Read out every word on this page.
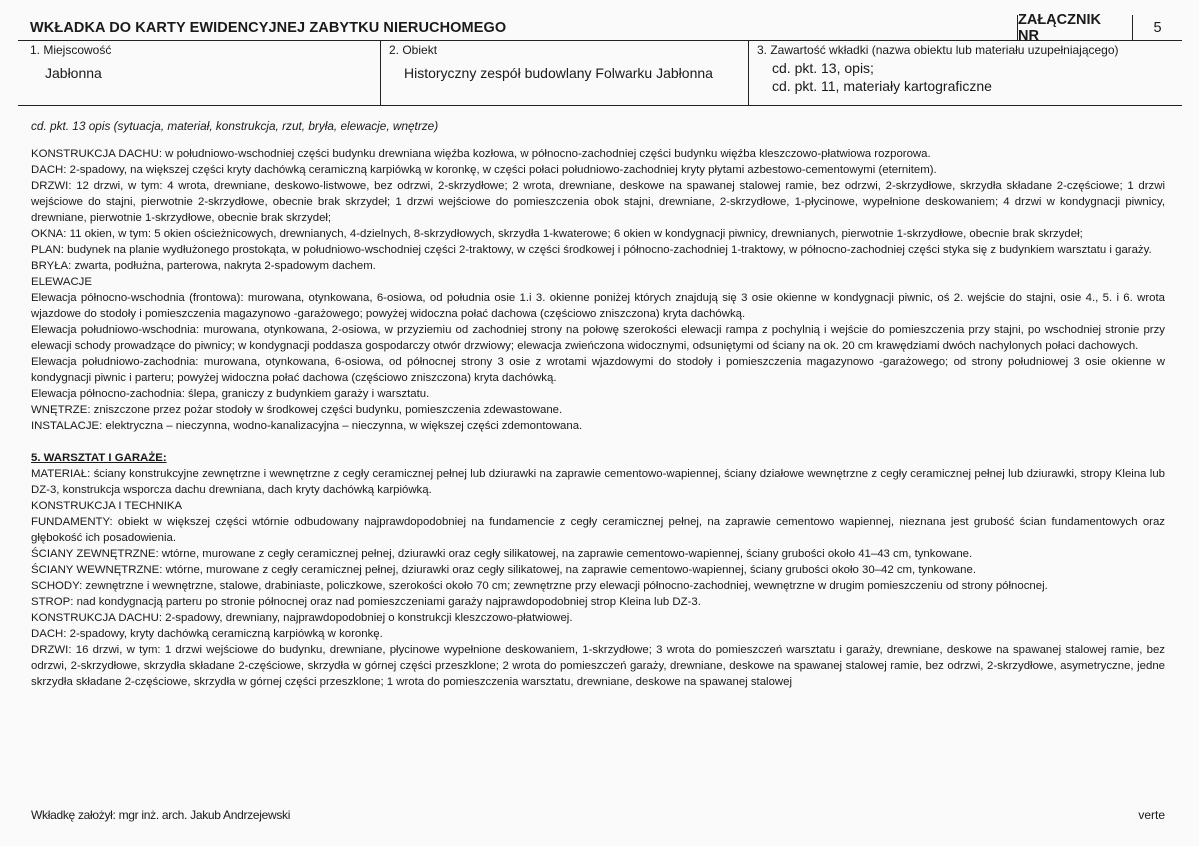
WKŁADKA DO KARTY EWIDENCYJNEJ ZABYTKU NIERUCHOMEGO	ZAŁĄCZNIK NR	5
1. Miejscowość
Jabłonna
2. Obiekt
Historyczny zespół budowlany Folwarku Jabłonna
3. Zawartość wkładki (nazwa obiektu lub materiału uzupełniającego)
cd. pkt. 13, opis;
cd. pkt. 11, materiały kartograficzne

cd. pkt. 13 opis (sytuacja, materiał, konstrukcja, rzut, bryła, elewacje, wnętrze)

KONSTRUKCJA DACHU: w południowo-wschodniej części budynku drewniana więźba kozłowa, w północno-zachodniej części budynku więźba kleszczowo-płatwiowa rozporowa.

DACH: 2-spadowy, na większej części kryty dachówką ceramiczną karpiówką w koronkę, w części połaci południowo-zachodniej kryty płytami azbestowo-cementowymi (eternitem).

DRZWI: 12 drzwi, w tym: 4 wrota, drewniane, deskowo-listwowe, bez odrzwi, 2-skrzydłowe; 2 wrota, drewniane, deskowe na spawanej stalowej ramie, bez odrzwi, 2-skrzydłowe, skrzydła składane 2-częściowe; 1 drzwi wejściowe do stajni, pierwotnie 2-skrzydłowe, obecnie brak skrzydeł; 1 drzwi wejściowe do pomieszczenia obok stajni, drewniane, 2-skrzydłowe, 1-płycinowe, wypełnione deskowaniem; 4 drzwi w kondygnacji piwnicy, drewniane, pierwotnie 1-skrzydłowe, obecnie brak skrzydeł;

OKNA: 11 okien, w tym: 5 okien ościeżnicowych, drewnianych, 4-dzielnych, 8-skrzydłowych, skrzydła 1-kwaterowe; 6 okien w kondygnacji piwnicy, drewnianych, pierwotnie 1-skrzydłowe, obecnie brak skrzydeł;

PLAN: budynek na planie wydłużonego prostokąta, w południowo-wschodniej części 2-traktowy, w części środkowej i północno-zachodniej 1-traktowy, w północno-zachodniej części styka się z budynkiem warsztatu i garaży.

BRYŁA: zwarta, podłużna, parterowa, nakryta 2-spadowym dachem.

ELEWACJE

Elewacja północno-wschodnia (frontowa): murowana, otynkowana, 6-osiowa, od południa osie 1.i 3. okienne poniżej których znajdują się 3 osie okienne w kondygnacji piwnic, oś 2. wejście do stajni, osie 4., 5. i 6. wrota wjazdowe do stodoły i pomieszczenia magazynowo -garażowego; powyżej widoczna połać dachowa (częściowo zniszczona) kryta dachówką.

Elewacja południowo-wschodnia: murowana, otynkowana, 2-osiowa, w przyziemiu od zachodniej strony na połowę szerokości elewacji rampa z pochylnią i wejście do pomieszczenia przy stajni, po wschodniej stronie przy elewacji schody prowadzące do piwnicy; w kondygnacji poddasza gospodarczy otwór drzwiowy; elewacja zwieńczona widocznymi, odsuniętymi od ściany na ok. 20 cm krawędziami dwóch nachylonych połaci dachowych.

Elewacja południowo-zachodnia: murowana, otynkowana, 6-osiowa, od północnej strony 3 osie z wrotami wjazdowymi do stodoły i pomieszczenia magazynowo -garażowego; od strony południowej 3 osie okienne w kondygnacji piwnic i parteru; powyżej widoczna połać dachowa (częściowo zniszczona) kryta dachówką.

Elewacja północno-zachodnia: ślepa, graniczy z budynkiem garaży i warsztatu.

WNĘTRZE: zniszczone przez pożar stodoły w środkowej części budynku, pomieszczenia zdewastowane.

INSTALACJE: elektryczna – nieczynna, wodno-kanalizacyjna – nieczynna, w większej części zdemontowana.

5. WARSZTAT I GARAŻE:

MATERIAŁ: ściany konstrukcyjne zewnętrzne i wewnętrzne z cegły ceramicznej pełnej lub dziurawki na zaprawie cementowo-wapiennej, ściany działowe wewnętrzne z cegły ceramicznej pełnej lub dziurawki, stropy Kleina lub DZ-3, konstrukcja wsporcza dachu drewniana, dach kryty dachówką karpiówką.

KONSTRUKCJA I TECHNIKA

FUNDAMENTY: obiekt w większej części wtórnie odbudowany najprawdopodobniej na fundamencie z cegły ceramicznej pełnej, na zaprawie cementowo wapiennej, nieznana jest grubość ścian fundamentowych oraz głębokość ich posadowienia.

ŚCIANY ZEWNĘTRZNE: wtórne, murowane z cegły ceramicznej pełnej, dziurawki oraz cegły silikatowej, na zaprawie cementowo-wapiennej, ściany grubości około 41–43 cm, tynkowane.

ŚCIANY WEWNĘTRZNE: wtórne, murowane z cegły ceramicznej pełnej, dziurawki oraz cegły silikatowej, na zaprawie cementowo-wapiennej, ściany grubości około 30–42 cm, tynkowane.

SCHODY: zewnętrzne i wewnętrzne, stalowe, drabiniaste, policzkowe, szerokości około 70 cm; zewnętrzne przy elewacji północno-zachodniej, wewnętrzne w drugim pomieszczeniu od strony północnej.

STROP: nad kondygnacją parteru po stronie północnej oraz nad pomieszczeniami garaży najprawdopodobniej strop Kleina lub DZ-3.

KONSTRUKCJA DACHU: 2-spadowy, drewniany, najprawdopodobniej o konstrukcji kleszczowo-płatwiowej.

DACH: 2-spadowy, kryty dachówką ceramiczną karpiówką w koronkę.

DRZWI: 16 drzwi, w tym: 1 drzwi wejściowe do budynku, drewniane, płycinowe wypełnione deskowaniem, 1-skrzydłowe; 3 wrota do pomieszczeń warsztatu i garaży, drewniane, deskowe na spawanej stalowej ramie, bez odrzwi, 2-skrzydłowe, skrzydła składane 2-częściowe, skrzydła w górnej części przeszklone; 2 wrota do pomieszczeń garaży, drewniane, deskowe na spawanej stalowej ramie, bez odrzwi, 2-skrzydłowe, asymetryczne, jedne skrzydła składane 2-częściowe, skrzydła w górnej części przeszklone; 1 wrota do pomieszczenia warsztatu, drewniane, deskowe na spawanej stalowej

Wkładkę założył: mgr inż. arch. Jakub Andrzejewski	verte
